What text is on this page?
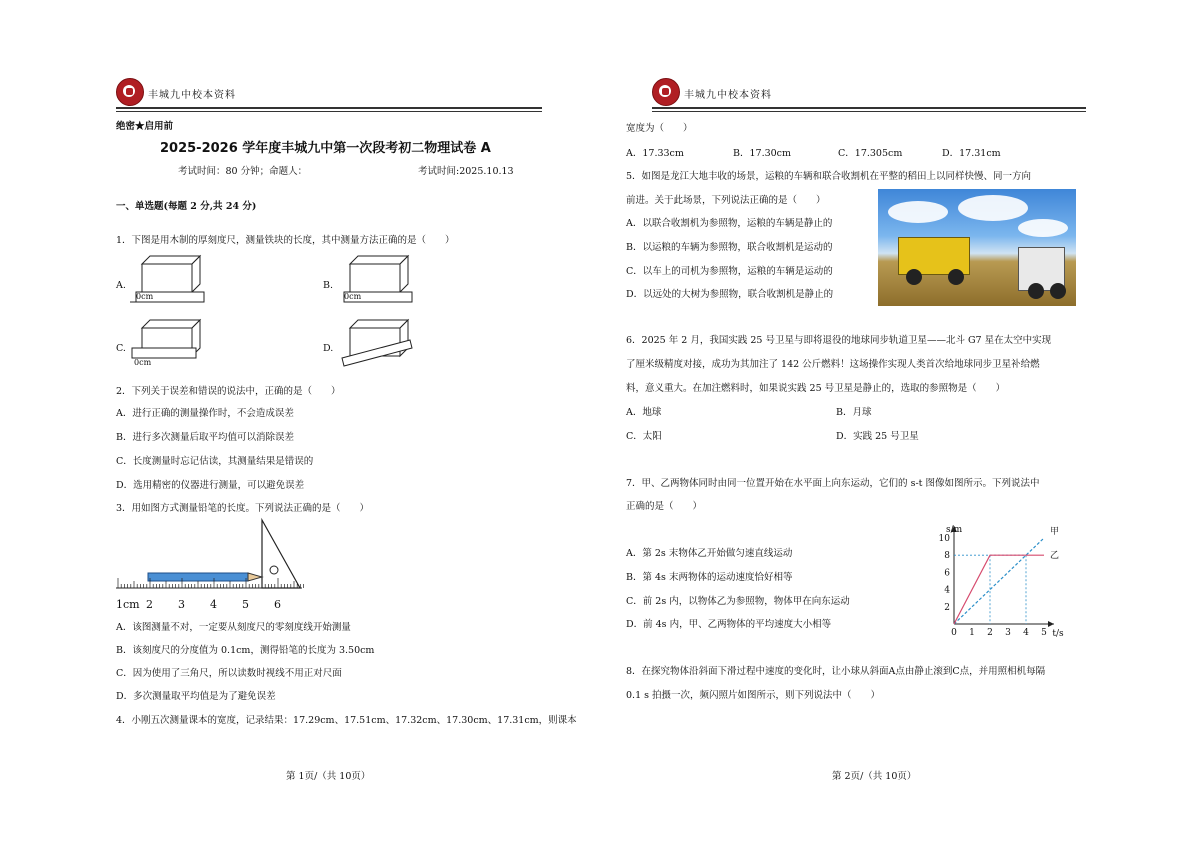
丰城九中校本资料
绝密★启用前
2025-2026 学年度丰城九中第一次段考初二物理试卷 A
考试时间：80 分钟；命题人：	考试时间:2025.10.13
一、单选题(每题 2 分,共 24 分)
1．下图是用木制的厚刻度尺，测量铁块的长度，其中测量方法正确的是（　　）
A.
0cm
B.
0cm
C.
0cm
D.
2．下列关于误差和错误的说法中，正确的是（　　）
A．进行正确的测量操作时，不会造成误差
B．进行多次测量后取平均值可以消除误差
C．长度测量时忘记估读，其测量结果是错误的
D．选用精密的仪器进行测量，可以避免误差
3．用如图方式测量铅笔的长度。下列说法正确的是（　　）
1cm 2 3 4 5 6
A．该图测量不对，一定要从刻度尺的零刻度线开始测量
B．该刻度尺的分度值为 0.1cm，测得铅笔的长度为 3.50cm
C．因为使用了三角尺，所以读数时视线不用正对尺面
D．多次测量取平均值是为了避免误差
4．小刚五次测量课本的宽度，记录结果：17.29cm、17.51cm、17.32cm、17.30cm、17.31cm，则课本
第 1页/（共 10页）
丰城九中校本资料
宽度为（　　）
A．17.33cm	B．17.30cm	C．17.305cm	D．17.31cm
5．如图是龙江大地丰收的场景，运粮的车辆和联合收割机在平整的稻田上以同样快慢、同一方向
前进。关于此场景，下列说法正确的是（　　）
A．以联合收割机为参照物，运粮的车辆是静止的
B．以运粮的车辆为参照物，联合收割机是运动的
C．以车上的司机为参照物，运粮的车辆是运动的
D．以远处的大树为参照物，联合收割机是静止的
6．2025 年 2 月，我国实践 25 号卫星与即将退役的地球同步轨道卫星——北斗 G7 星在太空中实现
了厘米级精度对接，成功为其加注了 142 公斤燃料！这场操作实现人类首次给地球同步卫星补给燃
料，意义重大。在加注燃料时，如果说实践 25 号卫星是静止的，选取的参照物是（　　）
A．地球	B．月球
C．太阳	D．实践 25 号卫星
7．甲、乙两物体同时由同一位置开始在水平面上向东运动，它们的 s-t 图像如图所示。下列说法中
正确的是（　　）
A．第 2s 末物体乙开始做匀速直线运动
B．第 4s 末两物体的运动速度恰好相等
C．前 2s 内，以物体乙为参照物，物体甲在向东运动
D．前 4s 内，甲、乙两物体的平均速度大小相等
0 1 2 3 4 5
2
4
6
8
10
s/m
t/s
甲
乙
8．在探究物体沿斜面下滑过程中速度的变化时，让小球从斜面A点由静止滚到C点，并用照相机每隔
0.1 s 拍摄一次，频闪照片如图所示，则下列说法中（　　）
第 2页/（共 10页）
